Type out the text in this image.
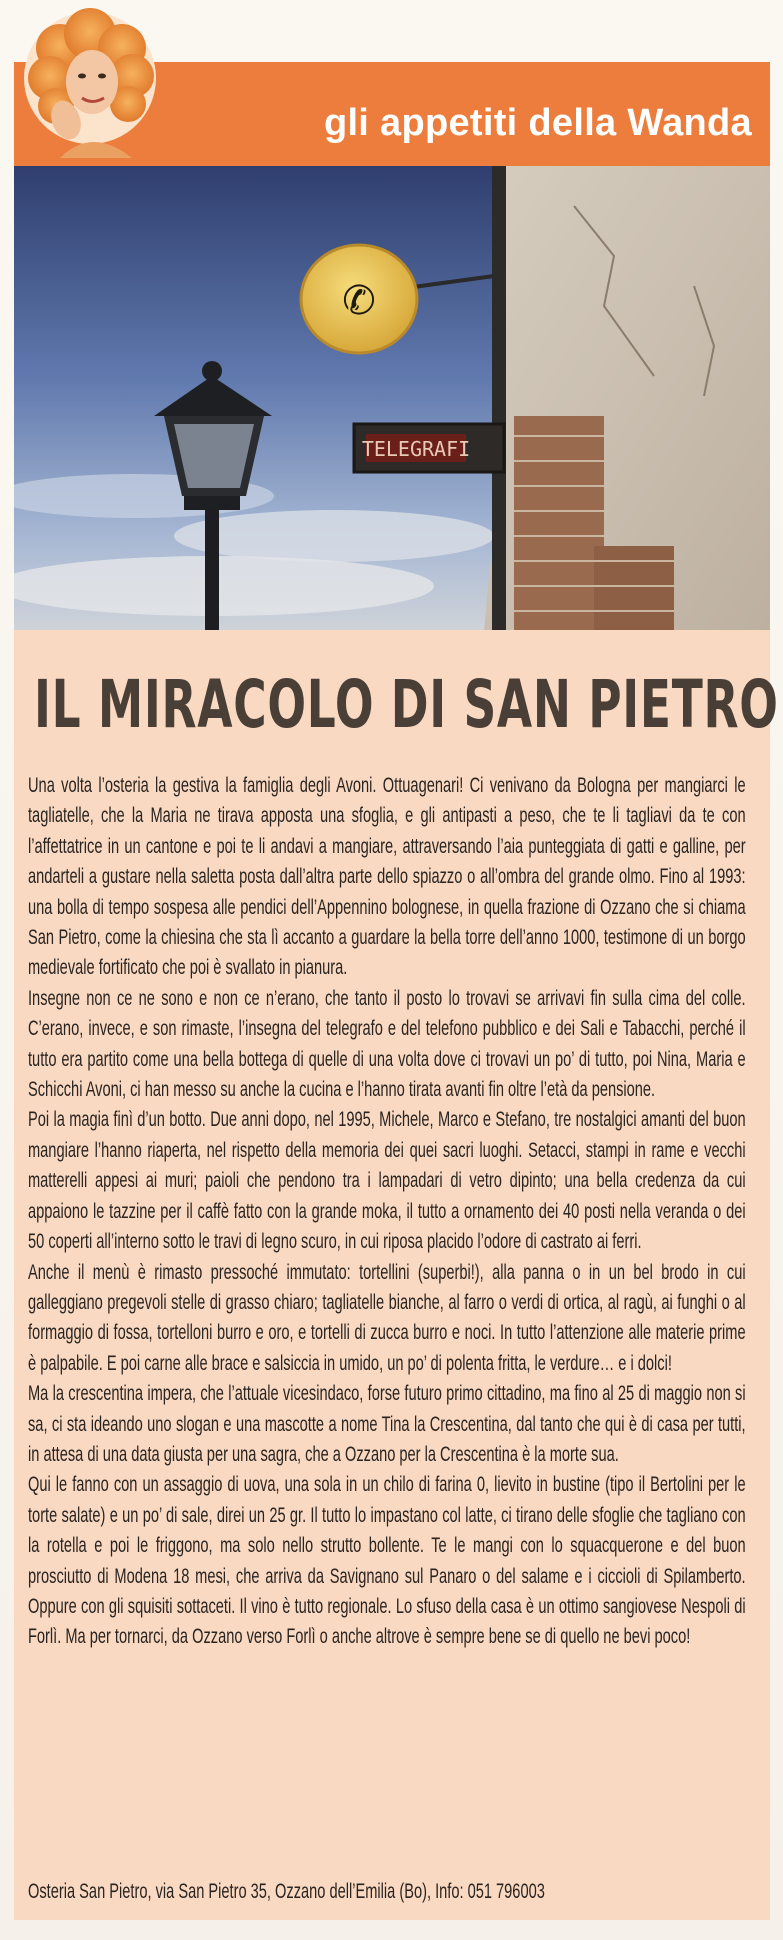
gli appetiti della Wanda
✆
TELEGRAFI
IL MIRACOLO DI SAN PIETRO

Una volta l’osteria la gestiva la famiglia degli Avoni. Ottuagenari! Ci venivano da Bologna per mangiarci le tagliatelle, che la Maria ne tirava apposta una sfoglia, e gli antipasti a peso, che te li tagliavi da te con l’affettatrice in un cantone e poi te li andavi a mangiare, attraversando l’aia punteggiata di gatti e galline, per andarteli a gustare nella saletta posta dall’altra parte dello spiazzo o all’ombra del grande olmo. Fino al 1993: una bolla di tempo sospesa alle pendici dell’Appennino bolognese, in quella frazione di Ozzano che si chiama San Pietro, come la chiesina che sta lì accanto a guardare la bella torre dell’anno 1000, testimone di un borgo medievale fortificato che poi è svallato in pianura.

Insegne non ce ne sono e non ce n’erano, che tanto il posto lo trovavi se arrivavi fin sulla cima del colle. C’erano, invece, e son rimaste, l’insegna del telegrafo e del telefono pubblico e dei Sali e Tabacchi, perché il tutto era partito come una bella bottega di quelle di una volta dove ci trovavi un po’ di tutto, poi Nina, Maria e Schicchi Avoni, ci han messo su anche la cucina e l’hanno tirata avanti fin oltre l’età da pensione.

Poi la magia finì d’un botto. Due anni dopo, nel 1995, Michele, Marco e Stefano, tre nostalgici amanti del buon mangiare l’hanno riaperta, nel rispetto della memoria dei quei sacri luoghi. Setacci, stampi in rame e vecchi matterelli appesi ai muri; paioli che pendono tra i lampadari di vetro dipinto; una bella credenza da cui appaiono le tazzine per il caffè fatto con la grande moka, il tutto a ornamento dei 40 posti nella veranda o dei 50 coperti all’interno sotto le travi di legno scuro, in cui riposa placido l’odore di castrato ai ferri.

Anche il menù è rimasto pressoché immutato: tortellini (superbi!), alla panna o in un bel brodo in cui galleggiano pregevoli stelle di grasso chiaro; tagliatelle bianche, al farro o verdi di ortica, al ragù, ai funghi o al formaggio di fossa, tortelloni burro e oro, e tortelli di zucca burro e noci. In tutto l’attenzione alle materie prime è palpabile. E poi carne alle brace e salsiccia in umido, un po’ di polenta fritta, le verdure… e i dolci!

Ma la crescentina impera, che l’attuale vicesindaco, forse futuro primo cittadino, ma fino al 25 di maggio non si sa, ci sta ideando uno slogan e una mascotte a nome Tina la Crescentina, dal tanto che qui è di casa per tutti, in attesa di una data giusta per una sagra, che a Ozzano per la Crescentina è la morte sua.

Qui le fanno con un assaggio di uova, una sola in un chilo di farina 0, lievito in bustine (tipo il Bertolini per le torte salate) e un po’ di sale, direi un 25 gr. Il tutto lo impastano col latte, ci tirano delle sfoglie che tagliano con la rotella e poi le friggono, ma solo nello strutto bollente. Te le mangi con lo squacquerone e del buon prosciutto di Modena 18 mesi, che arriva da Savignano sul Panaro o del salame e i ciccioli di Spilamberto. Oppure con gli squisiti sottaceti. Il vino è tutto regionale. Lo sfuso della casa è un ottimo sangiovese Nespoli di Forlì. Ma per tornarci, da Ozzano verso Forlì o anche altrove è sempre bene se di quello ne bevi poco!

Osteria San Pietro, via San Pietro 35, Ozzano dell’Emilia (Bo), Info: 051 796003
